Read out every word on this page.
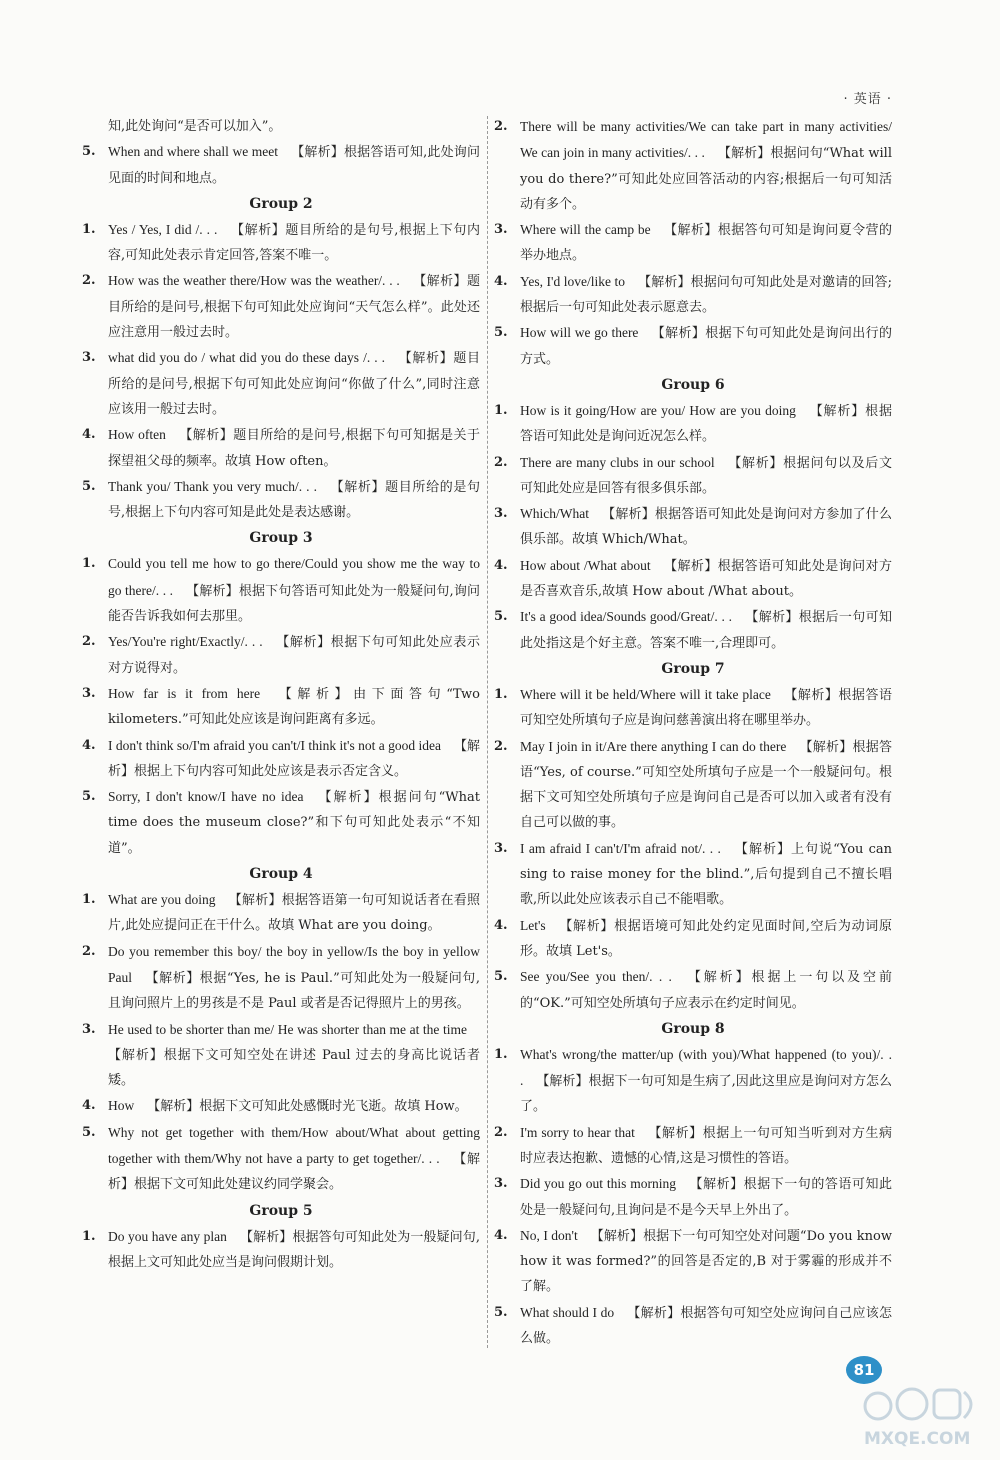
· 英语 ·
知,此处询问“是否可以加入”。
5. When and where shall we meet  【解析】根据答语可知,此处询问见面的时间和地点。
Group 2
1. Yes / Yes, I did /. . .  【解析】题目所给的是句号,根据上下句内容,可知此处表示肯定回答,答案不唯一。
2. How was the weather there/How was the weather/. . .  【解析】题目所给的是问号,根据下句可知此处应询问“天气怎么样”。此处还应注意用一般过去时。
3. what did you do / what did you do these days /. . .  【解析】题目所给的是问号,根据下句可知此处应询问“你做了什么”,同时注意应该用一般过去时。
4. How often  【解析】题目所给的是问号,根据下句可知据是关于探望祖父母的频率。故填 How often。
5. Thank you/ Thank you very much/. . .  【解析】题目所给的是句号,根据上下句内容可知是此处是表达感谢。
Group 3
1. Could you tell me how to go there/Could you show me the way to go there/. . .  【解析】根据下句答语可知此处为一般疑问句,询问能否告诉我如何去那里。
2. Yes/You're right/Exactly/. . .  【解析】根据下句可知此处应表示对方说得对。
3. How far is it from here  【解析】由下面答句“Two kilometers.”可知此处应该是询问距离有多远。
4. I don't think so/I'm afraid you can't/I think it's not a good idea  【解析】根据上下句内容可知此处应该是表示否定含义。
5. Sorry, I don't know/I have no idea  【解析】根据问句“What time does the museum close?”和下句可知此处表示“不知道”。
Group 4
1. What are you doing  【解析】根据答语第一句可知说话者在看照片,此处应提问正在干什么。故填 What are you doing。
2. Do you remember this boy/ the boy in yellow/Is the boy in yellow Paul  【解析】根据“Yes, he is Paul.”可知此处为一般疑问句,且询问照片上的男孩是不是 Paul 或者是否记得照片上的男孩。
3. He used to be shorter than me/ He was shorter than me at the time 【解析】根据下文可知空处在讲述 Paul 过去的身高比说话者矮。
4. How  【解析】根据下文可知此处感慨时光飞逝。故填 How。
5. Why not get together with them/How about/What about getting together with them/Why not have a party to get together/. . .  【解析】根据下文可知此处建议约同学聚会。
Group 5
1. Do you have any plan  【解析】根据答句可知此处为一般疑问句,根据上文可知此处应当是询问假期计划。
2. There will be many activities/We can take part in many activities/ We can join in many activities/. . .  【解析】根据问句“What will you do there?”可知此处应回答活动的内容;根据后一句可知活动有多个。
3. Where will the camp be  【解析】根据答句可知是询问夏令营的举办地点。
4. Yes, I'd love/like to  【解析】根据问句可知此处是对邀请的回答;根据后一句可知此处表示愿意去。
5. How will we go there  【解析】根据下句可知此处是询问出行的方式。
Group 6
1. How is it going/How are you/ How are you doing  【解析】根据答语可知此处是询问近况怎么样。
2. There are many clubs in our school  【解析】根据问句以及后文可知此处应是回答有很多俱乐部。
3. Which/What  【解析】根据答语可知此处是询问对方参加了什么俱乐部。故填 Which/What。
4. How about /What about  【解析】根据答语可知此处是询问对方是否喜欢音乐,故填 How about /What about。
5. It's a good idea/Sounds good/Great/. . .  【解析】根据后一句可知此处指这是个好主意。答案不唯一,合理即可。
Group 7
1. Where will it be held/Where will it take place  【解析】根据答语可知空处所填句子应是询问慈善演出将在哪里举办。
2. May I join in it/Are there anything I can do there  【解析】根据答语“Yes, of course.”可知空处所填句子应是一个一般疑问句。根据下文可知空处所填句子应是询问自己是否可以加入或者有没有自己可以做的事。
3. I am afraid I can't/I'm afraid not/. . .  【解析】上句说“You can sing to raise money for the blind.”,后句提到自己不擅长唱歌,所以此处应该表示自己不能唱歌。
4. Let's  【解析】根据语境可知此处约定见面时间,空后为动词原形。故填 Let's。
5. See you/See you then/. . .  【解析】根据上一句以及空前的“OK.”可知空处所填句子应表示在约定时间见。
Group 8
1. What's wrong/the matter/up (with you)/What happened (to you)/. . .  【解析】根据下一句可知是生病了,因此这里应是询问对方怎么了。
2. I'm sorry to hear that  【解析】根据上一句可知当听到对方生病时应表达抱歉、遗憾的心情,这是习惯性的答语。
3. Did you go out this morning  【解析】根据下一句的答语可知此处是一般疑问句,且询问是不是今天早上外出了。
4. No, I don't  【解析】根据下一句可知空处对问题“Do you know how it was formed?”的回答是否定的,B 对于雾霾的形成并不了解。
5. What should I do  【解析】根据答句可知空处应询问自己应该怎么做。
81
MXQE.COM
